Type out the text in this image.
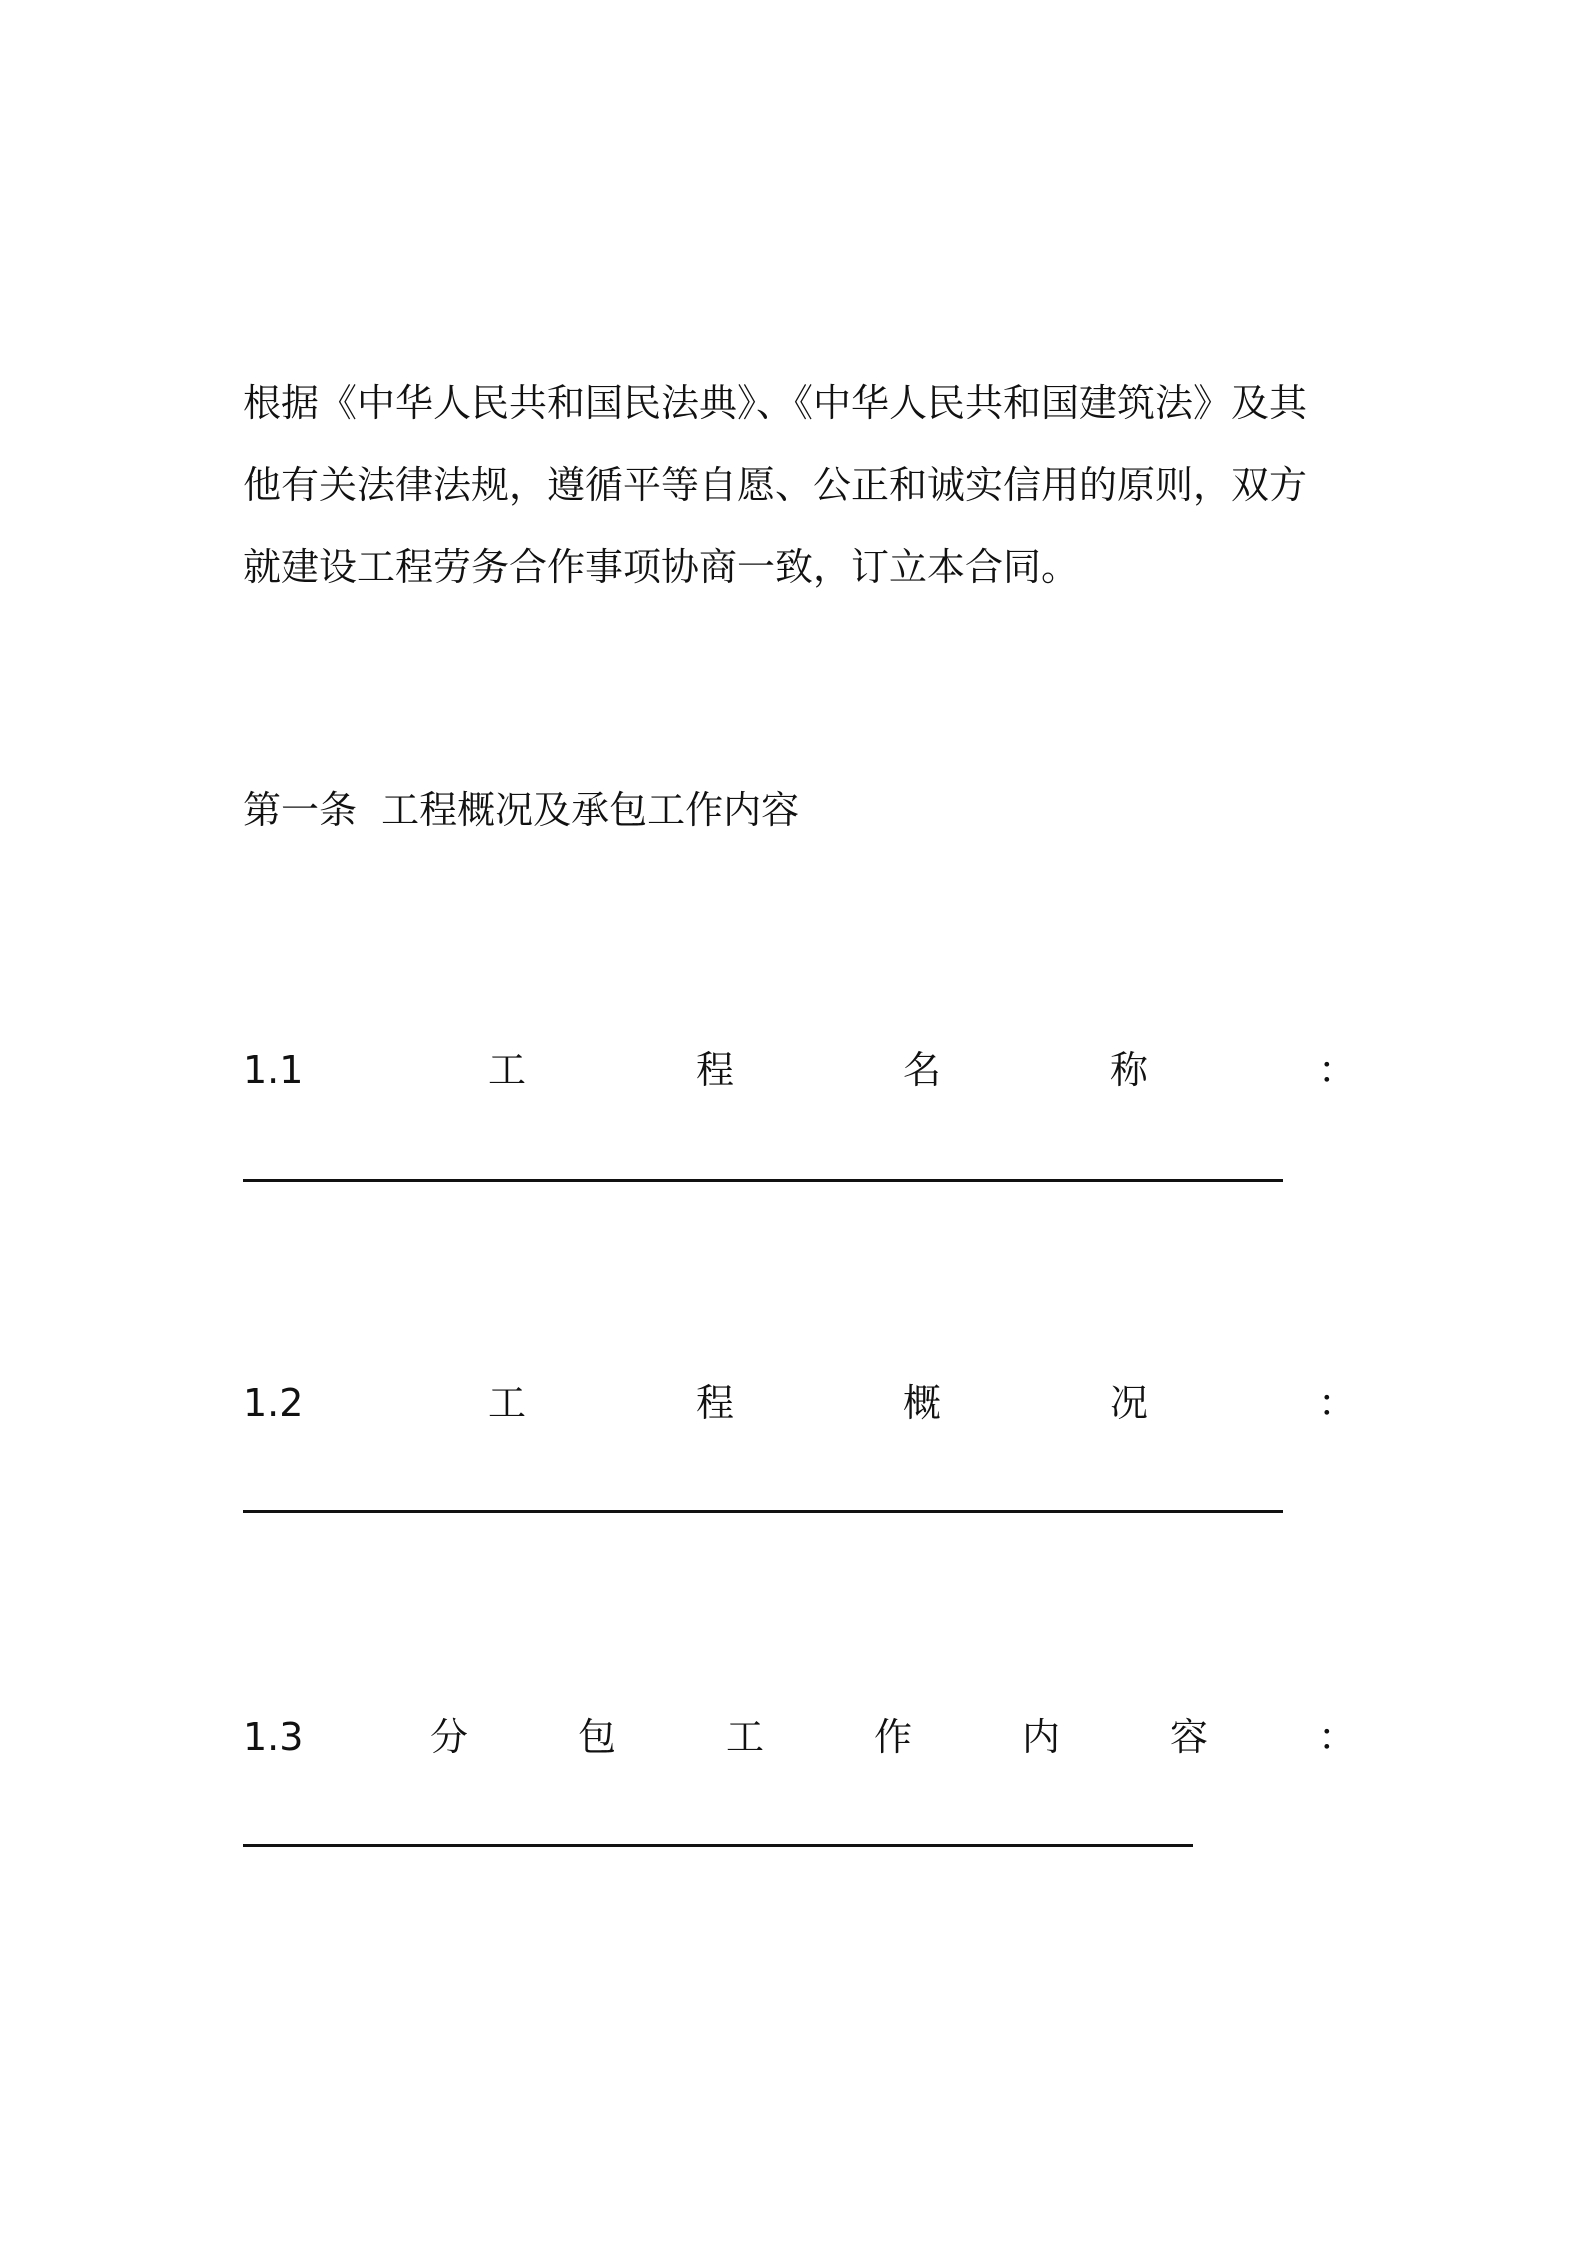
根据《中华人民共和国民法典》、《中华人民共和国建筑法》及其
他有关法律法规，遵循平等自愿、公正和诚实信用的原则，双方
就建设工程劳务合作事项协商一致，订立本合同。
第一条  工程概况及承包工作内容
1.1	工	程	名	称	：
1.2	工	程	概	况	：
1.3	分	包	工	作	内	容	：
